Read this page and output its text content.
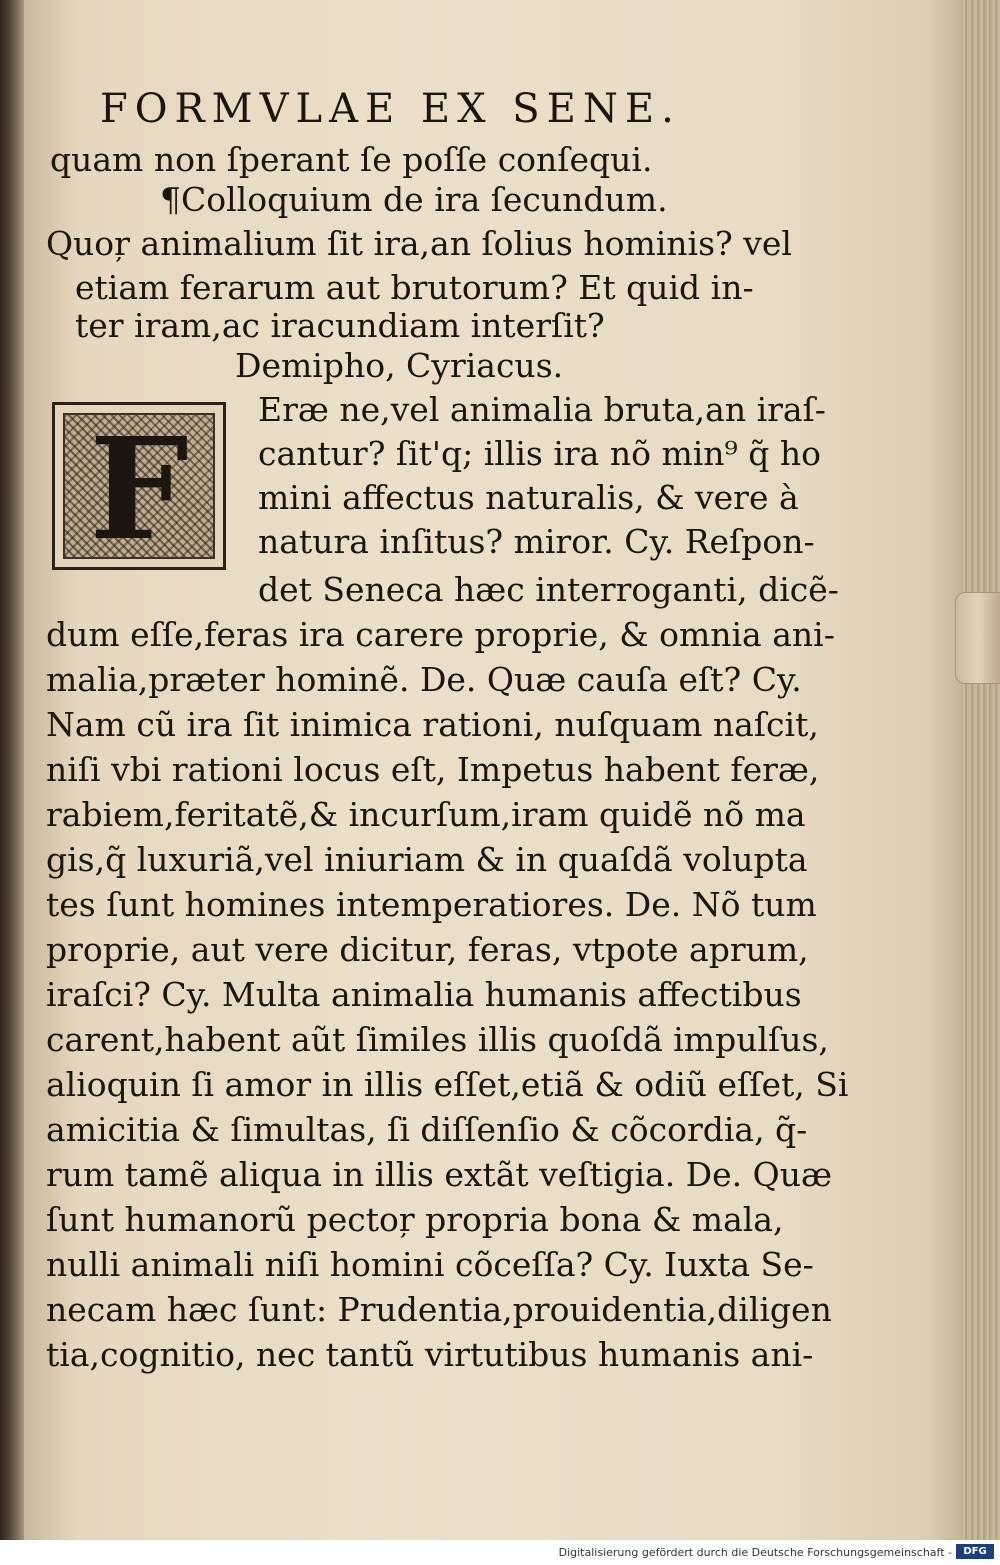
FORMVLAE EX SENE.
quam non ſperant ſe poſſe conſequi.
¶Colloquium de ira ſecundum.
Quoŗ animalium ſit ira,an ſolius hominis? vel
etiam ferarum aut brutorum? Et quid in-
ter iram,ac iracundiam interſit?
Demipho, Cyriacus.
F	Eræ ne,vel animalia bruta,an iraſ-
cantur? ſit'q; illis ira nõ min⁹ q̃ ho
mini affectus naturalis, & vere à
natura inſitus? miror. Cy. Reſpon-
det Seneca hæc interroganti, dicẽ-
dum eſſe,feras ira carere proprie, & omnia ani-
malia,præter hominẽ. De. Quæ cauſa eſt? Cy.
Nam cũ ira ſit inimica rationi, nuſquam naſcit,
niſi vbi rationi locus eſt, Impetus habent feræ,
rabiem,feritatẽ,& incurſum,iram quidẽ nõ ma
gis,q̃ luxuriã,vel iniuriam & in quaſdã volupta
tes ſunt homines intemperatiores. De. Nõ tum
proprie, aut vere dicitur, feras, vtpote aprum,
iraſci? Cy. Multa animalia humanis affectibus
carent,habent aũt ſimiles illis quoſdã impulſus,
alioquin ſi amor in illis eſſet,etiã & odiũ eſſet, Si
amicitia & ſimultas, ſi diſſenſio & cõcordia, q̃-
rum tamẽ aliqua in illis extãt veſtigia. De. Quæ
ſunt humanorũ pectoŗ propria bona & mala,
nulli animali niſi homini cõceſſa? Cy. Iuxta Se-
necam hæc ſunt: Prudentia,prouidentia,diligen
tia,cognitio, nec tantũ virtutibus humanis ani-
Digitalisierung gefördert durch die Deutsche Forschungsgemeinschaft -	DFG
